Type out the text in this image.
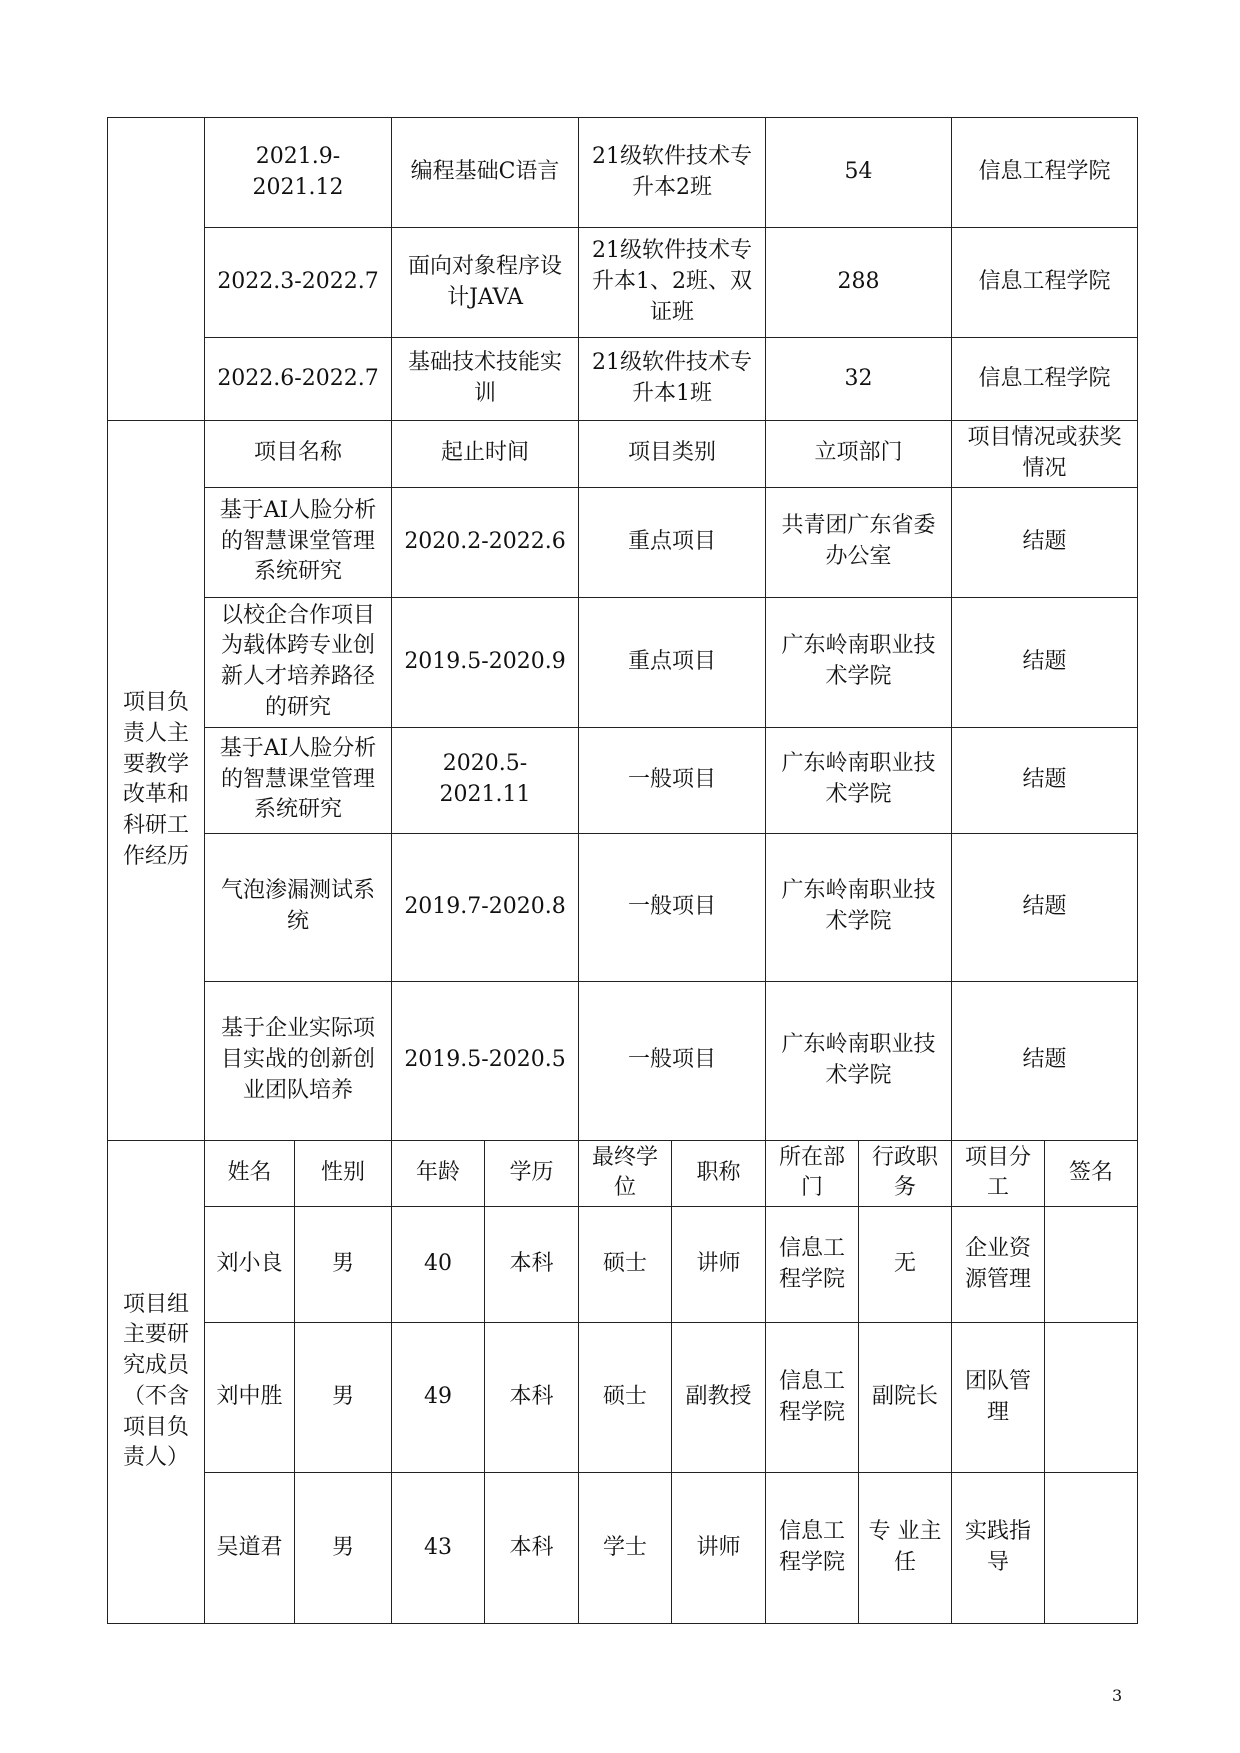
	2021.9-2021.12		编程基础C语言		21级软件技术专升本2班		54		信息工程学院	
	2022.3-2022.7		面向对象程序设计JAVA		21级软件技术专升本1、2班、双证班		288		信息工程学院	
	2022.6-2022.7		基础技术技能实训		21级软件技术专升本1班		32		信息工程学院	
项目负责人主要教学改革和科研工作经历	项目名称		起止时间		项目类别		立项部门		项目情况或获奖情况	
	基于AI人脸分析的智慧课堂管理系统研究		2020.2-2022.6		重点项目		共青团广东省委办公室		结题	
	以校企合作项目为载体跨专业创新人才培养路径的研究		2019.5-2020.9		重点项目		广东岭南职业技术学院		结题	
	基于AI人脸分析的智慧课堂管理系统研究		2020.5-2021.11		一般项目		广东岭南职业技术学院		结题	
	气泡渗漏测试系统		2019.7-2020.8		一般项目		广东岭南职业技术学院		结题	
	基于企业实际项目实战的创新创业团队培养		2019.5-2020.5		一般项目		广东岭南职业技术学院		结题	
项目组主要研究成员（不含项目负责人）	姓名	性别	年龄	学历	最终学位	职称	所在部门	行政职务	项目分工	签名
	刘小良	男	40	本科	硕士	讲师	信息工程学院	无	企业资源管理	
	刘中胜	男	49	本科	硕士	副教授	信息工程学院	副院长	团队管理	
	吴道君	男	43	本科	学士	讲师	信息工程学院	专 业主任	实践指导	
3
